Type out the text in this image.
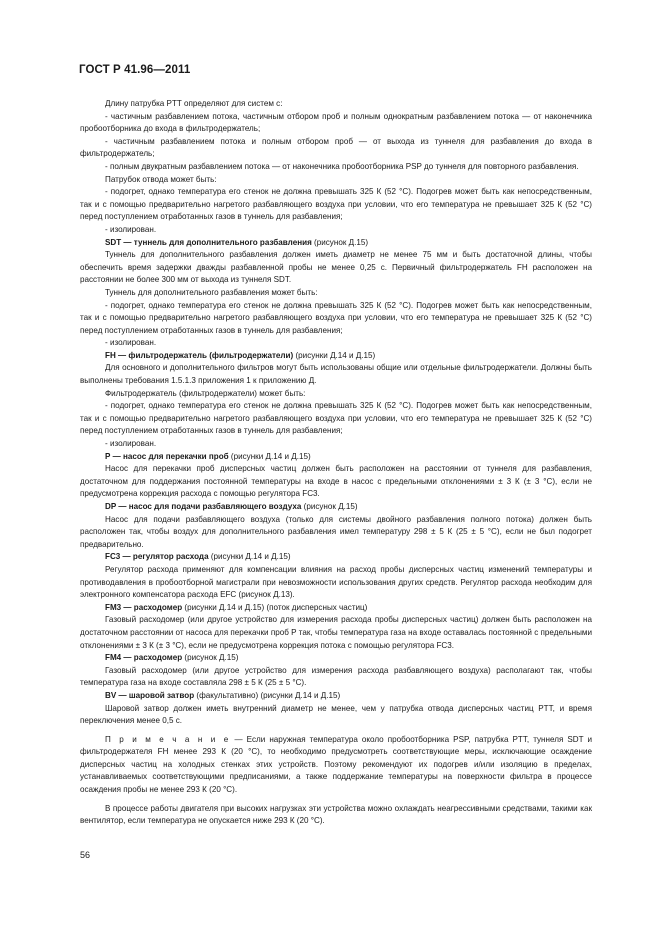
ГОСТ Р 41.96—2011

Длину патрубка PTT определяют для систем с:

- частичным разбавлением потока, частичным отбором проб и полным однократным разбавлением потока — от наконечника пробоотборника до входа в фильтродержатель;

- частичным разбавлением потока и полным отбором проб — от выхода из туннеля для разбавления до входа в фильтродержатель;

- полным двукратным разбавлением потока — от наконечника пробоотборника PSP до туннеля для повторного разбавления.

Патрубок отвода может быть:

- подогрет, однако температура его стенок не должна превышать 325 К (52 °С). Подогрев может быть как непосредственным, так и с помощью предварительно нагретого разбавляющего воздуха при условии, что его температура не превышает 325 К (52 °С) перед поступлением отработанных газов в туннель для разбавления;

- изолирован.

SDT — туннель для дополнительного разбавления (рисунок Д.15)

Туннель для дополнительного разбавления должен иметь диаметр не менее 75 мм и быть достаточной длины, чтобы обеспечить время задержки дважды разбавленной пробы не менее 0,25 с. Первичный фильтродержатель FH расположен на расстоянии не более 300 мм от выхода из туннеля SDT.

Туннель для дополнительного разбавления может быть:

- подогрет, однако температура его стенок не должна превышать 325 К (52 °С). Подогрев может быть как непосредственным, так и с помощью предварительно нагретого разбавляющего воздуха при условии, что его температура не превышает 325 К (52 °С) перед поступлением отработанных газов в туннель для разбавления;

- изолирован.

FH — фильтродержатель (фильтродержатели) (рисунки Д.14 и Д.15)

Для основного и дополнительного фильтров могут быть использованы общие или отдельные фильтродержатели. Должны быть выполнены требования 1.5.1.3 приложения 1 к приложению Д.

Фильтродержатель (фильтродержатели) может быть:

- подогрет, однако температура его стенок не должна превышать 325 К (52 °С). Подогрев может быть как непосредственным, так и с помощью предварительно нагретого разбавляющего воздуха при условии, что его температура не превышает 325 К (52 °С) перед поступлением отработанных газов в туннель для разбавления;

- изолирован.

Р — насос для перекачки проб (рисунки Д.14 и Д.15)

Насос для перекачки проб дисперсных частиц должен быть расположен на расстоянии от туннеля для разбавления, достаточном для поддержания постоянной температуры на входе в насос с предельными отклонениями ± 3 К (± 3 °С), если не предусмотрена коррекция расхода с помощью регулятора FC3.

DP — насос для подачи разбавляющего воздуха (рисунок Д.15)

Насос для подачи разбавляющего воздуха (только для системы двойного разбавления полного потока) должен быть расположен так, чтобы воздух для дополнительного разбавления имел температуру 298 ± 5 К (25 ± 5 °С), если не был подогрет предварительно.

FC3 — регулятор расхода (рисунки Д.14 и Д.15)

Регулятор расхода применяют для компенсации влияния на расход пробы дисперсных частиц изменений температуры и противодавления в пробоотборной магистрали при невозможности использования других средств. Регулятор расхода необходим для электронного компенсатора расхода EFC (рисунок Д.13).

FM3 — расходомер (рисунки Д.14 и Д.15) (поток дисперсных частиц)

Газовый расходомер (или другое устройство для измерения расхода пробы дисперсных частиц) должен быть расположен на достаточном расстоянии от насоса для перекачки проб Р так, чтобы температура газа на входе оставалась постоянной с предельными отклонениями ± 3 К (± 3 °С), если не предусмотрена коррекция потока с помощью регулятора FC3.

FM4 — расходомер (рисунок Д.15)

Газовый расходомер (или другое устройство для измерения расхода разбавляющего воздуха) располагают так, чтобы температура газа на входе составляла 298 ± 5 К (25 ± 5 °С).

BV — шаровой затвор (факультативно) (рисунки Д.14 и Д.15)

Шаровой затвор должен иметь внутренний диаметр не менее, чем у патрубка отвода дисперсных частиц PTT, и время переключения менее 0,5 с.

П р и м е ч а н и е — Если наружная температура около пробоотборника PSP, патрубка PTT, туннеля SDT и фильтродержателя FH менее 293 К (20 °С), то необходимо предусмотреть соответствующие меры, исключающие осаждение дисперсных частиц на холодных стенках этих устройств. Поэтому рекомендуют их подогрев и/или изоляцию в пределах, устанавливаемых соответствующими предписаниями, а также поддержание температуры на поверхности фильтра в процессе осаждения пробы не менее 293 К (20 °С).

В процессе работы двигателя при высоких нагрузках эти устройства можно охлаждать неагрессивными средствами, такими как вентилятор, если температура не опускается ниже 293 К (20 °С).

56
